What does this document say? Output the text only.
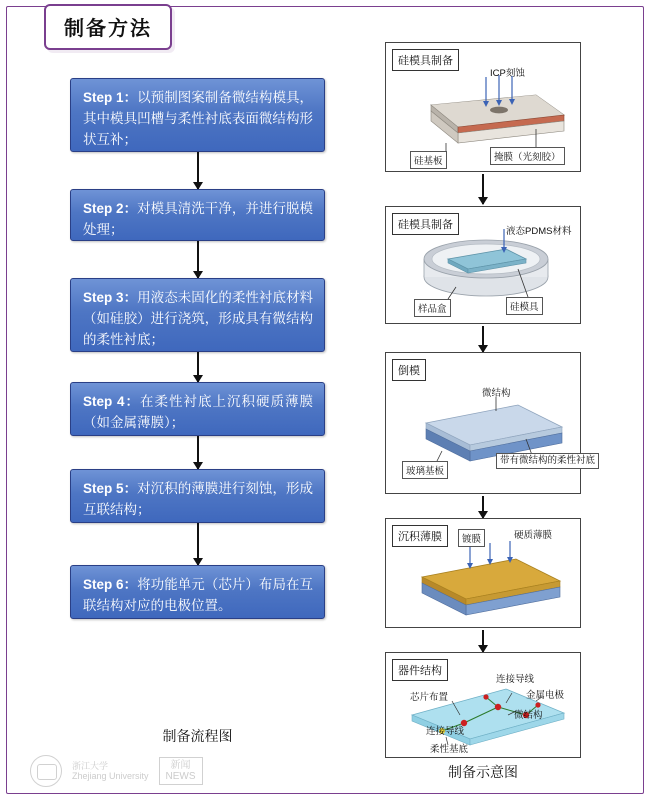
制备方法
Step 1：以预制图案制备微结构模具，其中模具凹槽与柔性衬底表面微结构形状互补；
Step 2：对模具清洗干净，并进行脱模处理；
Step 3：用液态未固化的柔性衬底材料（如硅胶）进行浇筑，形成具有微结构的柔性衬底；
Step 4：在柔性衬底上沉积硬质薄膜（如金属薄膜）；
Step 5：对沉积的薄膜进行刻蚀，形成互联结构；
Step 6：将功能单元（芯片）布局在互联结构对应的电极位置。
制备流程图
硅模具制备
ICP刻蚀
硅基板	掩膜（光刻胶）
硅模具制备
液态PDMS材料
样品盒	硅模具
倒模
微结构
玻璃基板
带有微结构的柔性衬底
沉积薄膜	镀膜	硬质薄膜
器件结构
芯片布置
连接导线
金属电极
微结构
连接导线
柔性基底
制备示意图
浙江大学
Zhejiang University
新闻
NEWS
